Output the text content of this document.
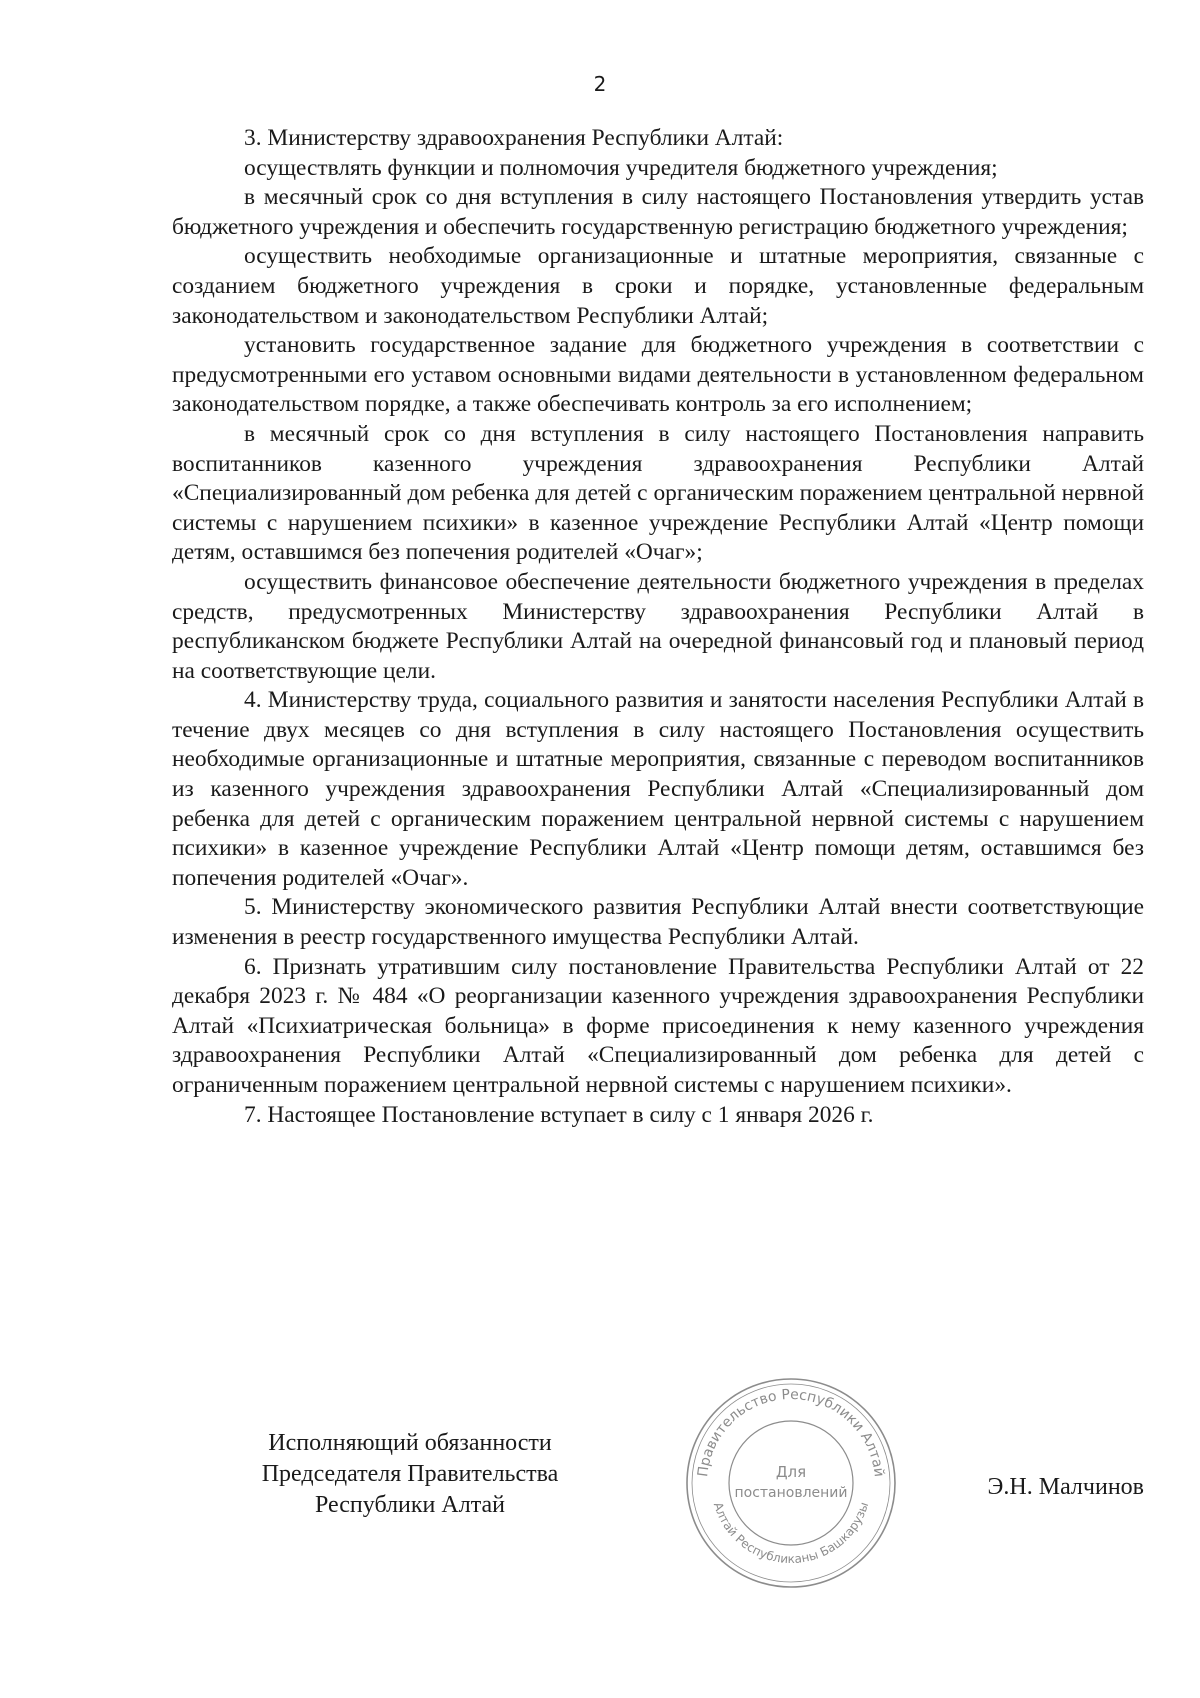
2

3. Министерству здравоохранения Республики Алтай:

осуществлять функции и полномочия учредителя бюджетного учреждения;

в месячный срок со дня вступления в силу настоящего Постановления утвердить устав бюджетного учреждения и обеспечить государственную регистрацию бюджетного учреждения;

осуществить необходимые организационные и штатные мероприятия, связанные с созданием бюджетного учреждения в сроки и порядке, установленные федеральным законодательством и законодательством Республики Алтай;

установить государственное задание для бюджетного учреждения в соответствии с предусмотренными его уставом основными видами деятельности в установленном федеральном законодательством порядке, а также обеспечивать контроль за его исполнением;

в месячный срок со дня вступления в силу настоящего Постановления направить воспитанников казенного учреждения здравоохранения Республики Алтай «Специализированный дом ребенка для детей с органическим поражением центральной нервной системы с нарушением психики» в казенное учреждение Республики Алтай «Центр помощи детям, оставшимся без попечения родителей «Очаг»;

осуществить финансовое обеспечение деятельности бюджетного учреждения в пределах средств, предусмотренных Министерству здравоохранения Республики Алтай в республиканском бюджете Республики Алтай на очередной финансовый год и плановый период на соответствующие цели.

4. Министерству труда, социального развития и занятости населения Республики Алтай в течение двух месяцев со дня вступления в силу настоящего Постановления осуществить необходимые организационные и штатные мероприятия, связанные с переводом воспитанников из казенного учреждения здравоохранения Республики Алтай «Специализированный дом ребенка для детей с органическим поражением центральной нервной системы с нарушением психики» в казенное учреждение Республики Алтай «Центр помощи детям, оставшимся без попечения родителей «Очаг».

5. Министерству экономического развития Республики Алтай внести соответствующие изменения в реестр государственного имущества Республики Алтай.

6. Признать утратившим силу постановление Правительства Республики Алтай от 22 декабря 2023 г. № 484 «О реорганизации казенного учреждения здравоохранения Республики Алтай «Психиатрическая больница» в форме присоединения к нему казенного учреждения здравоохранения Республики Алтай «Специализированный дом ребенка для детей с ограниченным поражением центральной нервной системы с нарушением психики».

7. Настоящее Постановление вступает в силу с 1 января 2026 г.

Исполняющий обязанности
Председателя Правительства
Республики Алтай
Э.Н. Малчинов
Правительство Республики Алтай
Алтай Республиканы Башкарузы
Для
постановлений
